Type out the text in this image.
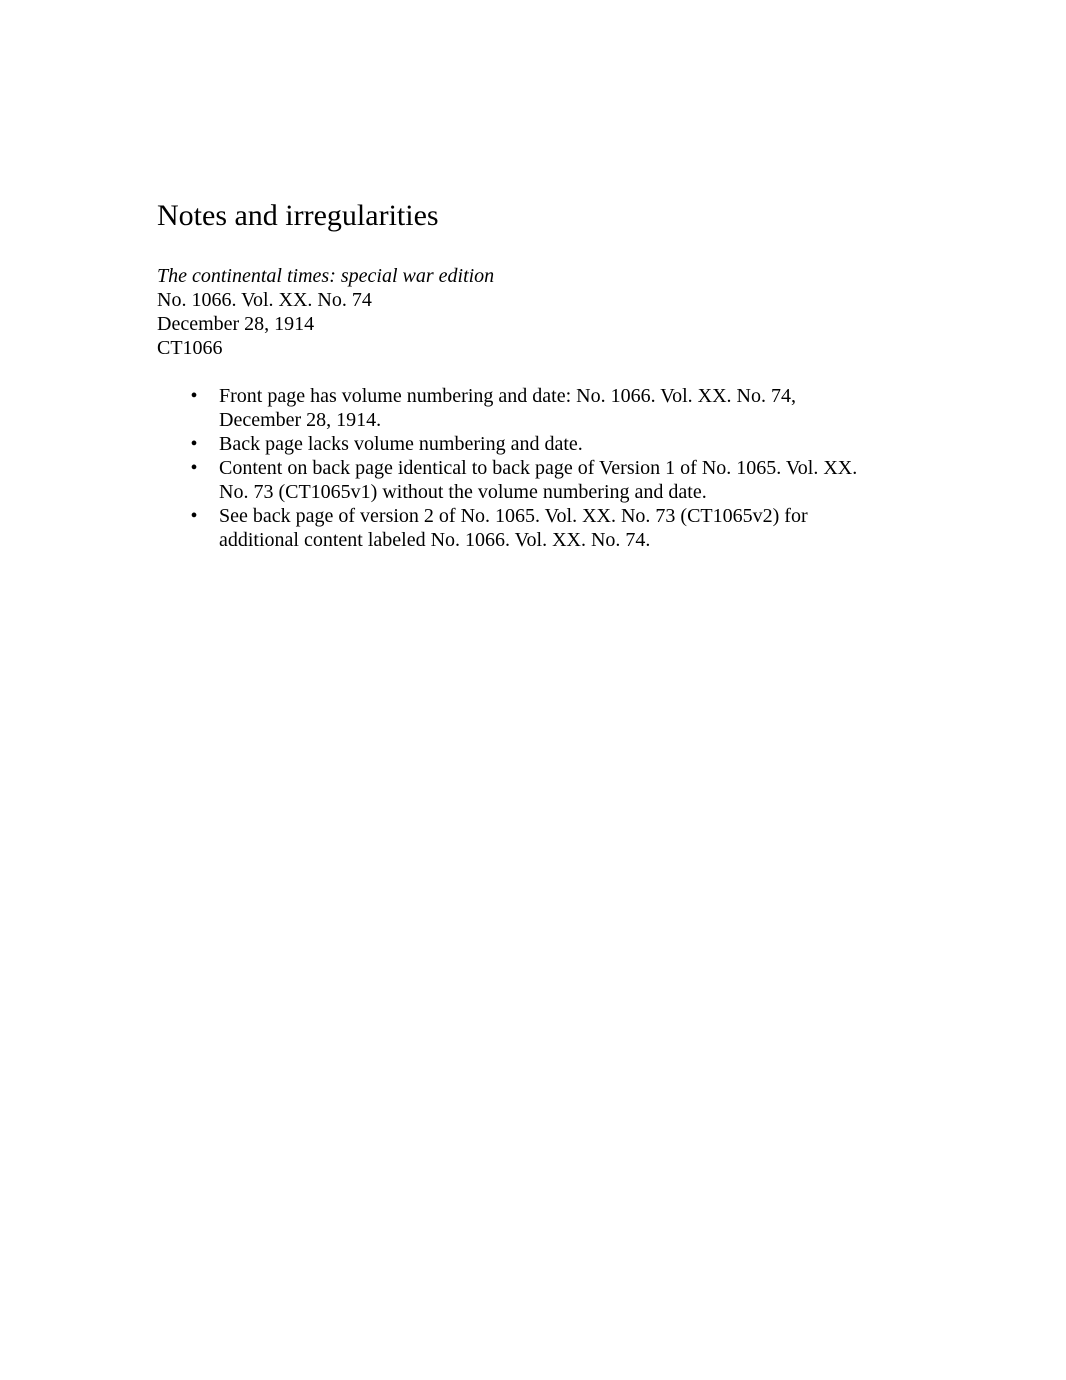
Notes and irregularities
The continental times: special war edition
No. 1066. Vol. XX. No. 74
December 28, 1914
CT1066
• Front page has volume numbering and date: No. 1066. Vol. XX. No. 74,
December 28, 1914.
• Back page lacks volume numbering and date.
• Content on back page identical to back page of Version 1 of No. 1065. Vol. XX.
No. 73 (CT1065v1) without the volume numbering and date.
• See back page of version 2 of No. 1065. Vol. XX. No. 73 (CT1065v2) for
additional content labeled No. 1066. Vol. XX. No. 74.
